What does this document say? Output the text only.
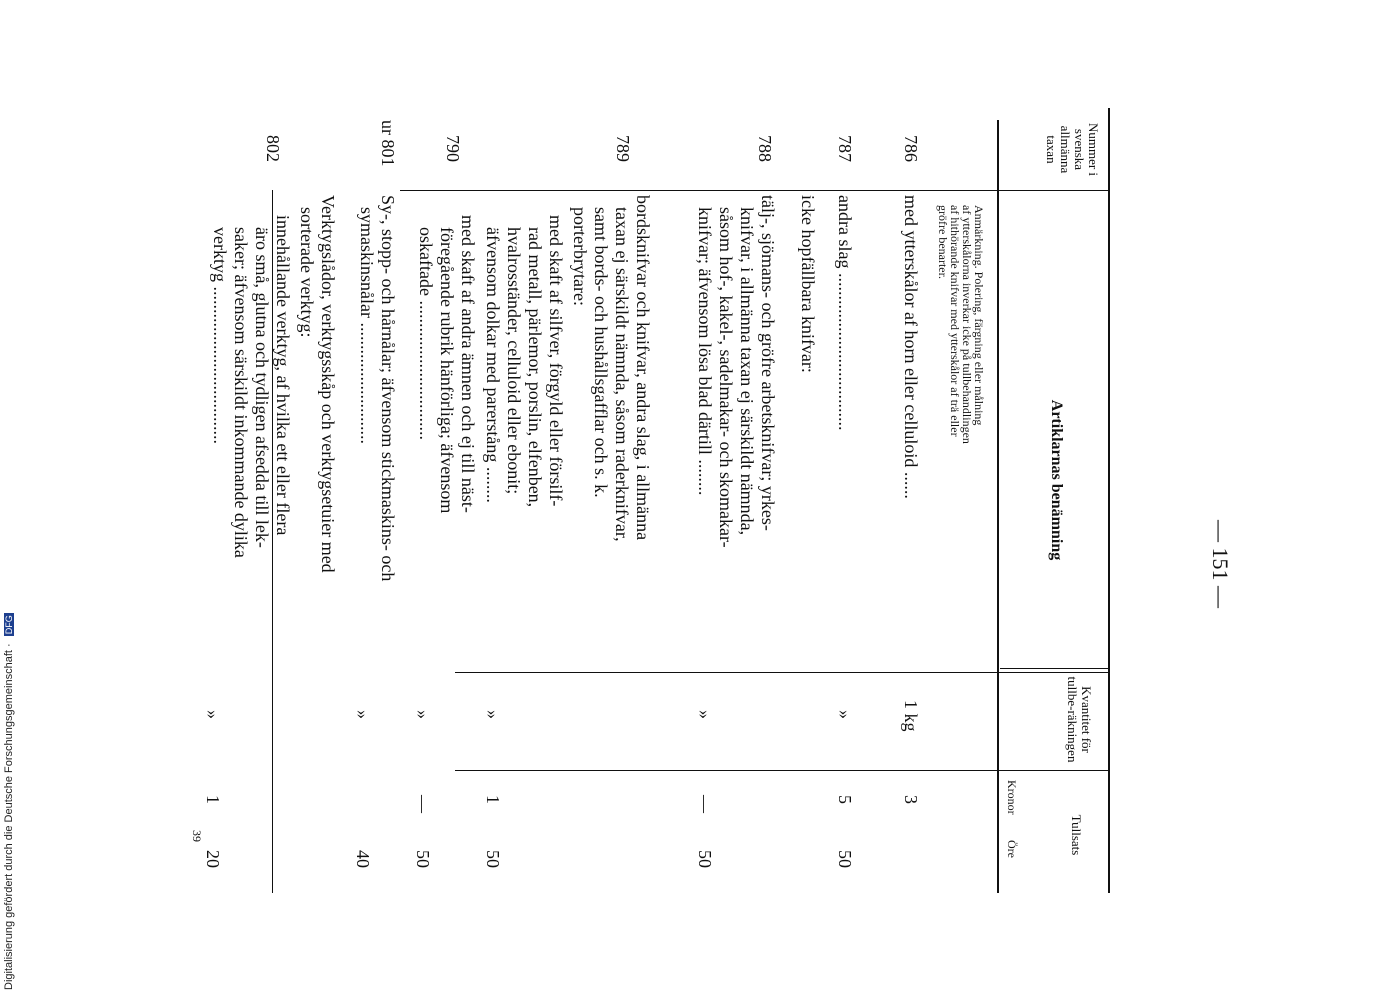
Digitalisierung gefördert durch die Deutsche Forschungsgemeinschaft · DFG
— 151 —
Nummer i svenska allmänna taxan
Artiklarnas benämning
Kvantitet för tullbe-räkningen
Tullsats
Kronor
Öre
Anmärkning. Polering, färgning eller målning
af ytterskålorna inverkar icke på tullbehandlingen
af hithörande knifvar med ytterskålor af trä eller
gröfre benarter.
786
med ytterskålor af horn eller celluloid ......
1 kg
3
787
andra slag ...................................
»
5
50
icke hopfällbara knifvar:
788
tälj-, sjömans- och gröfre arbetsknifvar; yrkes-
knifvar, i allmänna taxan ej särskildt nämnda,
såsom hof-, kakel-, sadelmakar- och skomakar-
knifvar; äfvensom lösa blad därtill ........
»
—
50
789
bordsknifvar och knifvar, andra slag, i allmänna
taxan ej särskildt nämnda, såsom raderknifvar,
samt bords- och hushållsgafflar och s. k.
porterbrytare:
med skaft af silfver, förgyld eller försilf-
rad metall, pärlemor, porslin, elfenben,
hvalrosständer, celluloid eller ebonit;
äfvensom dolkar med parerstång ........
»
1
50
790
med skaft af andra ämnen och ej till näst-
föregående rubrik hänförliga; äfvensom
oskaftade ...............................
»
—
50
ur 801
Sy-, stopp- och hårnålar; äfvensom stickmaskins- och
symaskinsnålar ...........................
»
40
Verktygslådor, verktygsskåp och verktygsetuier med
sorterade verktyg:
802
innehållande verktyg, af hvilka ett eller flera
äro små, glutna och tydligen afsedda till lek-
saker; äfvensom särskildt inkommande dylika
verktyg ...................................
»
1
20
39
